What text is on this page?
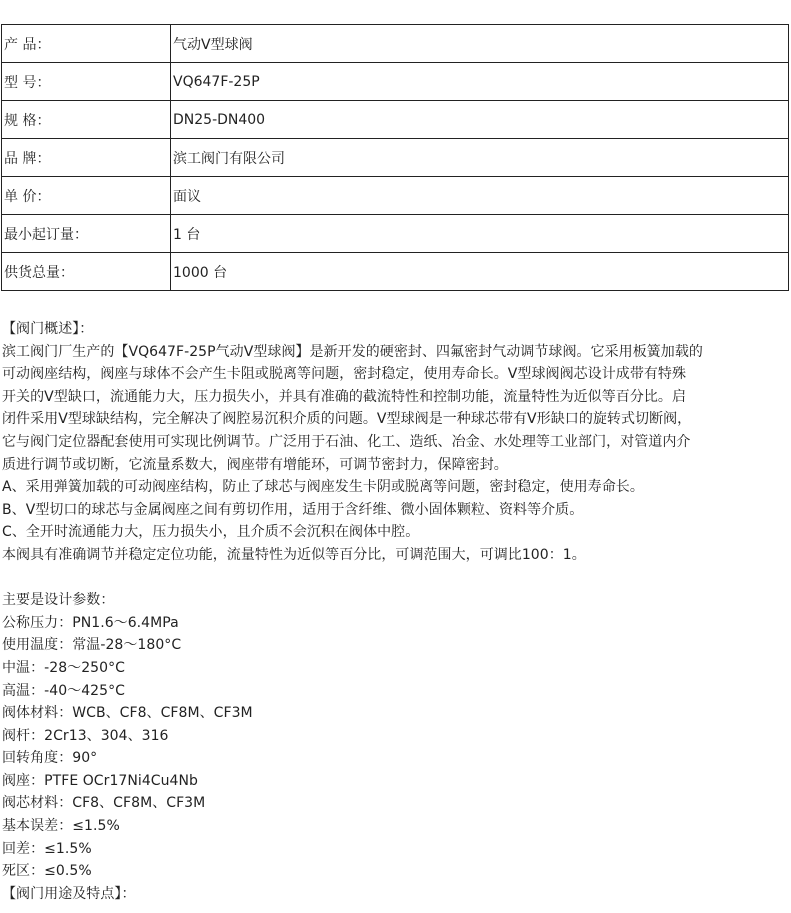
产 品：	气动V型球阀
型 号：	VQ647F-25P
规 格：	DN25-DN400
品 牌：	滨工阀门有限公司
单 价：	面议
最小起订量：	1 台
供货总量：	1000 台
【阀门概述】：
滨工阀门厂生产的【VQ647F-25P气动V型球阀】是新开发的硬密封、四氟密封气动调节球阀。它采用板簧加载的
可动阀座结构，阀座与球体不会产生卡阻或脱离等问题，密封稳定，使用寿命长。V型球阀阀芯设计成带有特殊
开关的V型缺口，流通能力大，压力损失小，并具有准确的截流特性和控制功能，流量特性为近似等百分比。启
闭件采用V型球缺结构，完全解决了阀腔易沉积介质的问题。V型球阀是一种球芯带有V形缺口的旋转式切断阀，
它与阀门定位器配套使用可实现比例调节。广泛用于石油、化工、造纸、冶金、水处理等工业部门，对管道内介
质进行调节或切断，它流量系数大，阀座带有增能环，可调节密封力，保障密封。
A、采用弹簧加载的可动阀座结构，防止了球芯与阀座发生卡阴或脱离等问题，密封稳定，使用寿命长。
B、V型切口的球芯与金属阀座之间有剪切作用，适用于含纤维、微小固体颗粒、资料等介质。
C、全开时流通能力大，压力损失小，且介质不会沉积在阀体中腔。
本阀具有准确调节并稳定定位功能，流量特性为近似等百分比，可调范围大，可调比100：1。
主要是设计参数：
公称压力：PN1.6～6.4MPa
使用温度：常温-28～180°C
中温：-28～250°C
高温：-40～425°C
阀体材料：WCB、CF8、CF8M、CF3M
阀杆：2Cr13、304、316
回转角度：90°
阀座：PTFE OCr17Ni4Cu4Nb
阀芯材料：CF8、CF8M、CF3M
基本误差：≤1.5%
回差：≤1.5%
死区：≤0.5%
【阀门用途及特点】：
